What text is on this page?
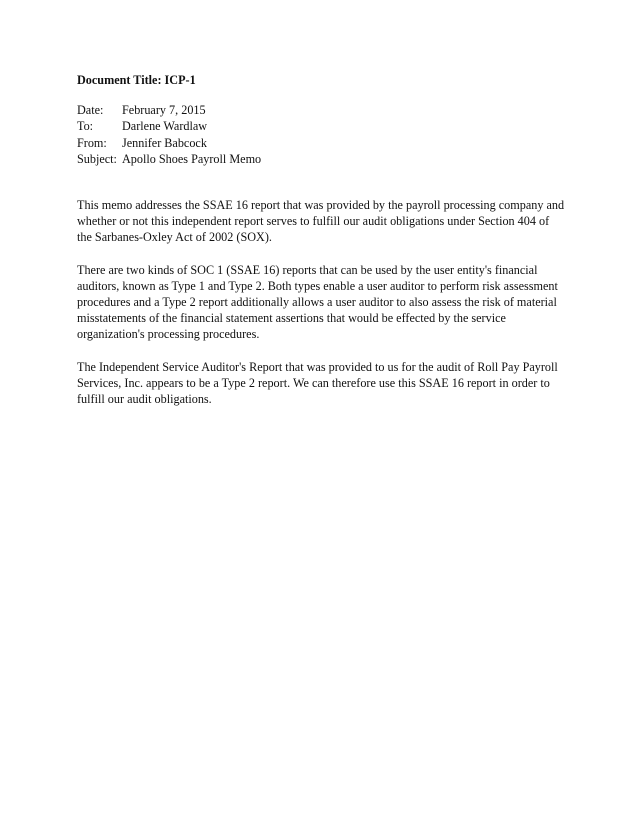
Document Title: ICP-1
Date:	February 7, 2015
To:	Darlene Wardlaw
From:	Jennifer Babcock
Subject:	Apollo Shoes Payroll Memo

This memo addresses the SSAE 16 report that was provided by the payroll processing company and whether or not this independent report serves to fulfill our audit obligations under Section 404 of the Sarbanes-Oxley Act of 2002 (SOX).

There are two kinds of SOC 1 (SSAE 16) reports that can be used by the user entity's financial auditors, known as Type 1 and Type 2. Both types enable a user auditor to perform risk assessment procedures and a Type 2 report additionally allows a user auditor to also assess the risk of material misstatements of the financial statement assertions that would be effected by the service organization's processing procedures.

The Independent Service Auditor's Report that was provided to us for the audit of Roll Pay Payroll Services, Inc. appears to be a Type 2 report. We can therefore use this SSAE 16 report in order to fulfill our audit obligations.
